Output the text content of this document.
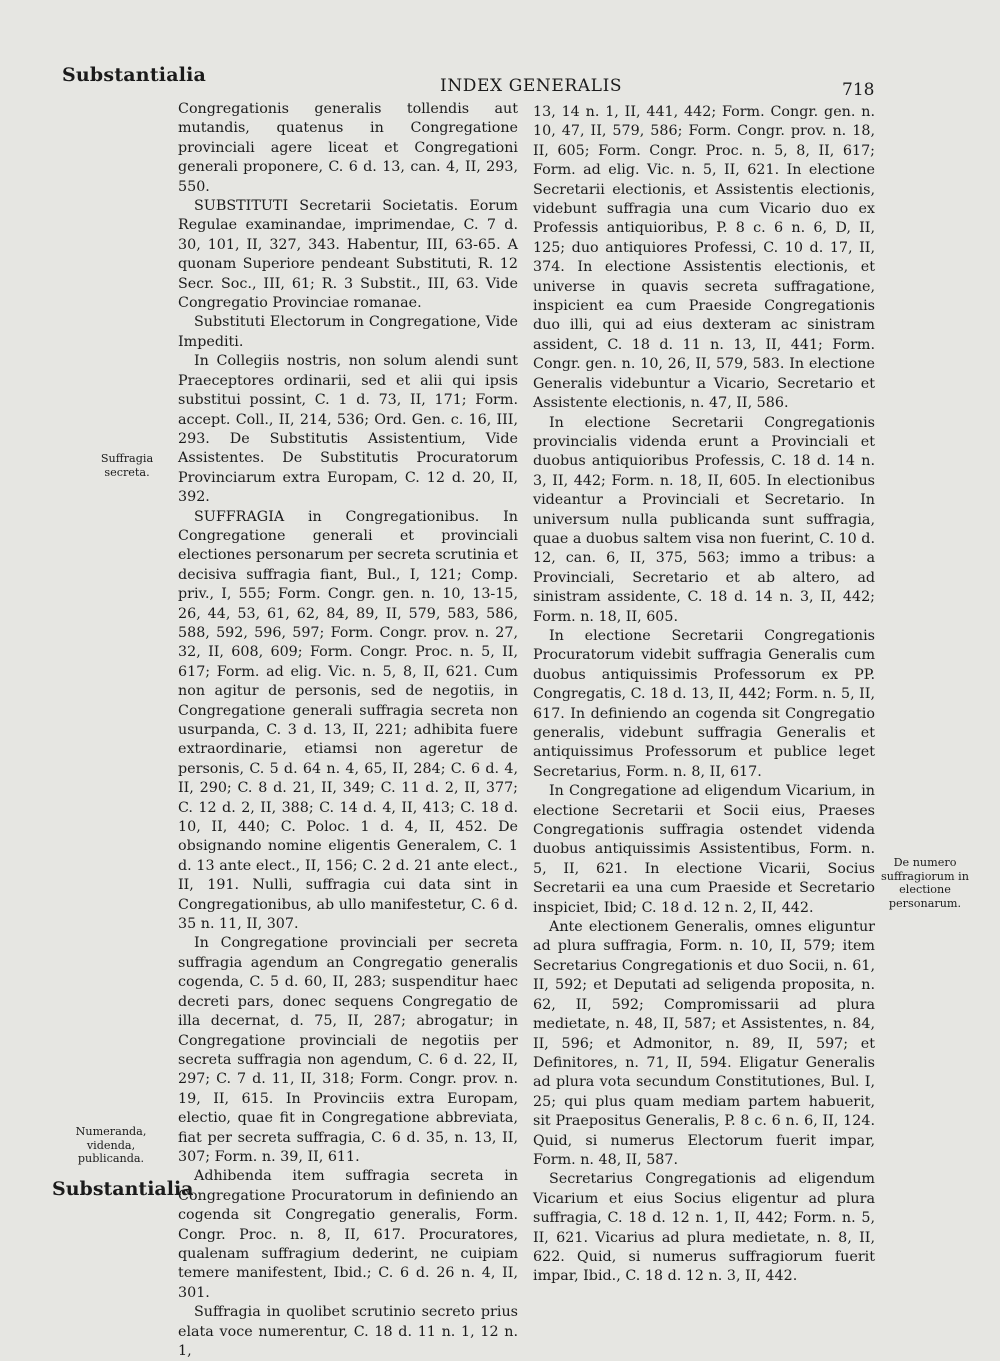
Substantialia	INDEX GENERALIS	718
Suffragia secreta.
Numeranda, videnda, publicanda.
De numero suffragiorum in electione personarum.

Congregationis generalis tollendis aut mutandis, quatenus in Congregatione provinciali agere liceat et Congregationi generali proponere, C. 6 d. 13, can. 4, II, 293, 550.

SUBSTITUTI Secretarii Societatis. Eorum Regulae examinandae, imprimendae, C. 7 d. 30, 101, II, 327, 343. Habentur, III, 63-65. A quonam Superiore pendeant Substituti, R. 12 Secr. Soc., III, 61; R. 3 Substit., III, 63. Vide Congregatio Provinciae romanae.

Substituti Electorum in Congregatione, Vide Impediti.

In Collegiis nostris, non solum alendi sunt Praeceptores ordinarii, sed et alii qui ipsis substitui possint, C. 1 d. 73, II, 171; Form. accept. Coll., II, 214, 536; Ord. Gen. c. 16, III, 293. De Substitutis Assistentium, Vide Assistentes. De Substitutis Procuratorum Provinciarum extra Europam, C. 12 d. 20, II, 392.

SUFFRAGIA in Congregationibus. In Congregatione generali et provinciali electiones personarum per secreta scrutinia et decisiva suffragia fiant, Bul., I, 121; Comp. priv., I, 555; Form. Congr. gen. n. 10, 13-15, 26, 44, 53, 61, 62, 84, 89, II, 579, 583, 586, 588, 592, 596, 597; Form. Congr. prov. n. 27, 32, II, 608, 609; Form. Congr. Proc. n. 5, II, 617; Form. ad elig. Vic. n. 5, 8, II, 621. Cum non agitur de personis, sed de negotiis, in Congregatione generali suffragia secreta non usurpanda, C. 3 d. 13, II, 221; adhibita fuere extraordinarie, etiamsi non ageretur de personis, C. 5 d. 64 n. 4, 65, II, 284; C. 6 d. 4, II, 290; C. 8 d. 21, II, 349; C. 11 d. 2, II, 377; C. 12 d. 2, II, 388; C. 14 d. 4, II, 413; C. 18 d. 10, II, 440; C. Poloc. 1 d. 4, II, 452. De obsignando nomine eligentis Generalem, C. 1 d. 13 ante elect., II, 156; C. 2 d. 21 ante elect., II, 191. Nulli, suffragia cui data sint in Congregationibus, ab ullo manifestetur, C. 6 d. 35 n. 11, II, 307.

In Congregatione provinciali per secreta suffragia agendum an Congregatio generalis cogenda, C. 5 d. 60, II, 283; suspenditur haec decreti pars, donec sequens Congregatio de illa decernat, d. 75, II, 287; abrogatur; in Congregatione provinciali de negotiis per secreta suffragia non agendum, C. 6 d. 22, II, 297; C. 7 d. 11, II, 318; Form. Congr. prov. n. 19, II, 615. In Provinciis extra Europam, electio, quae fit in Congregatione abbreviata, fiat per secreta suffragia, C. 6 d. 35, n. 13, II, 307; Form. n. 39, II, 611.

Adhibenda item suffragia secreta in Congregatione Procuratorum in definiendo an cogenda sit Congregatio generalis, Form. Congr. Proc. n. 8, II, 617. Procuratores, qualenam suffragium dederint, ne cuipiam temere manifestent, Ibid.; C. 6 d. 26 n. 4, II, 301.

Suffragia in quolibet scrutinio secreto prius elata voce numerentur, C. 18 d. 11 n. 1, 12 n. 1,

13, 14 n. 1, II, 441, 442; Form. Congr. gen. n. 10, 47, II, 579, 586; Form. Congr. prov. n. 18, II, 605; Form. Congr. Proc. n. 5, 8, II, 617; Form. ad elig. Vic. n. 5, II, 621. In electione Secretarii electionis, et Assistentis electionis, videbunt suffragia una cum Vicario duo ex Professis antiquioribus, P. 8 c. 6 n. 6, D, II, 125; duo antiquiores Professi, C. 10 d. 17, II, 374. In electione Assistentis electionis, et universe in quavis secreta suffragatione, inspicient ea cum Praeside Congregationis duo illi, qui ad eius dexteram ac sinistram assident, C. 18 d. 11 n. 13, II, 441; Form. Congr. gen. n. 10, 26, II, 579, 583. In electione Generalis videbuntur a Vicario, Secretario et Assistente electionis, n. 47, II, 586.

In electione Secretarii Congregationis provincialis videnda erunt a Provinciali et duobus antiquioribus Professis, C. 18 d. 14 n. 3, II, 442; Form. n. 18, II, 605. In electionibus videantur a Provinciali et Secretario. In universum nulla publicanda sunt suffragia, quae a duobus saltem visa non fuerint, C. 10 d. 12, can. 6, II, 375, 563; immo a tribus: a Provinciali, Secretario et ab altero, ad sinistram assidente, C. 18 d. 14 n. 3, II, 442; Form. n. 18, II, 605.

In electione Secretarii Congregationis Procuratorum videbit suffragia Generalis cum duobus antiquissimis Professorum ex PP. Congregatis, C. 18 d. 13, II, 442; Form. n. 5, II, 617. In definiendo an cogenda sit Congregatio generalis, videbunt suffragia Generalis et antiquissimus Professorum et publice leget Secretarius, Form. n. 8, II, 617.

In Congregatione ad eligendum Vicarium, in electione Secretarii et Socii eius, Praeses Congregationis suffragia ostendet videnda duobus antiquissimis Assistentibus, Form. n. 5, II, 621. In electione Vicarii, Socius Secretarii ea una cum Praeside et Secretario inspiciet, Ibid; C. 18 d. 12 n. 2, II, 442.

Ante electionem Generalis, omnes eliguntur ad plura suffragia, Form. n. 10, II, 579; item Secretarius Congregationis et duo Socii, n. 61, II, 592; et Deputati ad seligenda proposita, n. 62, II, 592; Compromissarii ad plura medietate, n. 48, II, 587; et Assistentes, n. 84, II, 596; et Admonitor, n. 89, II, 597; et Definitores, n. 71, II, 594. Eligatur Generalis ad plura vota secundum Constitutiones, Bul. I, 25; qui plus quam mediam partem habuerit, sit Praepositus Generalis, P. 8 c. 6 n. 6, II, 124. Quid, si numerus Electorum fuerit impar, Form. n. 48, II, 587.

Secretarius Congregationis ad eligendum Vicarium et eius Socius eligentur ad plura suffragia, C. 18 d. 12 n. 1, II, 442; Form. n. 5, II, 621. Vicarius ad plura medietate, n. 8, II, 622. Quid, si numerus suffragiorum fuerit impar, Ibid., C. 18 d. 12 n. 3, II, 442.

Substantialia
